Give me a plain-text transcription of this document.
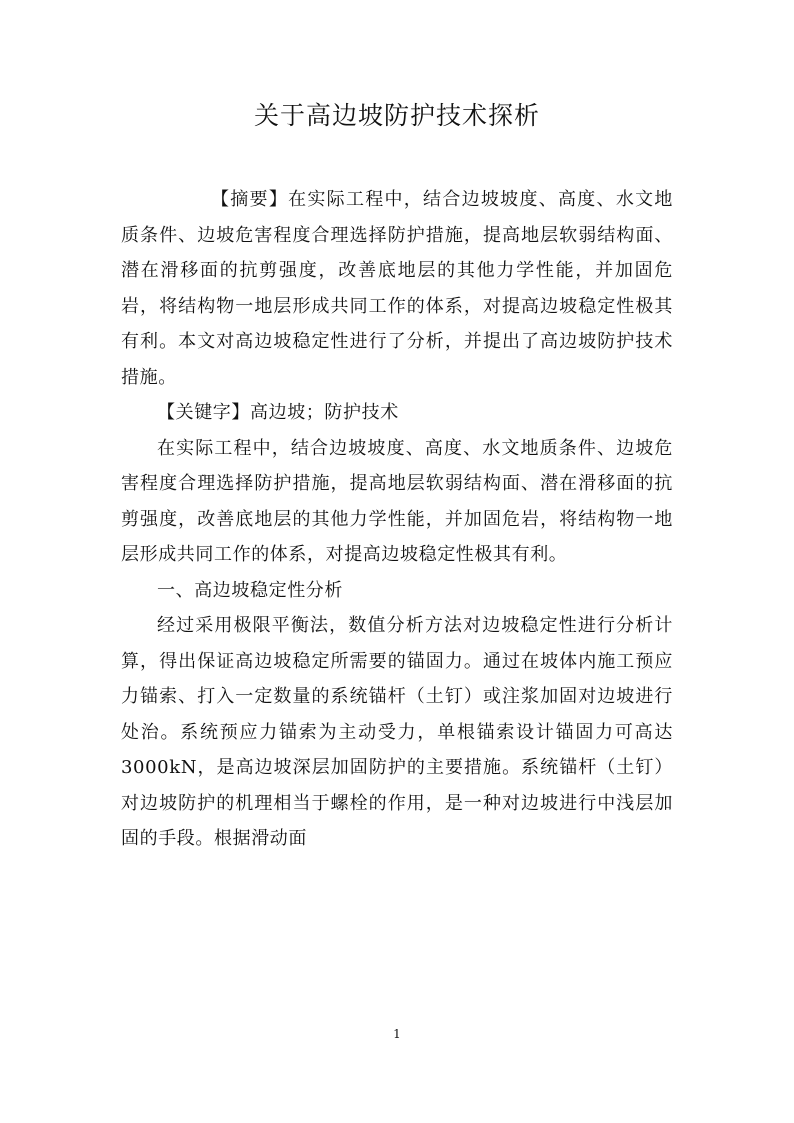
关于高边坡防护技术探析

【摘要】在实际工程中，结合边坡坡度、高度、水文地质条件、边坡危害程度合理选择防护措施，提高地层软弱结构面、潜在滑移面的抗剪强度，改善底地层的其他力学性能，并加固危岩，将结构物一地层形成共同工作的体系，对提高边坡稳定性极其有利。本文对高边坡稳定性进行了分析，并提出了高边坡防护技术措施。

【关键字】高边坡；防护技术

在实际工程中，结合边坡坡度、高度、水文地质条件、边坡危害程度合理选择防护措施，提高地层软弱结构面、潜在滑移面的抗剪强度，改善底地层的其他力学性能，并加固危岩，将结构物一地层形成共同工作的体系，对提高边坡稳定性极其有利。

一、高边坡稳定性分析

经过采用极限平衡法，数值分析方法对边坡稳定性进行分析计算，得出保证高边坡稳定所需要的锚固力。通过在坡体内施工预应力锚索、打入一定数量的系统锚杆（土钉）或注浆加固对边坡进行处治。系统预应力锚索为主动受力，单根锚索设计锚固力可高达3000kN，是高边坡深层加固防护的主要措施。系统锚杆（土钉）对边坡防护的机理相当于螺栓的作用，是一种对边坡进行中浅层加固的手段。根据滑动面

1
